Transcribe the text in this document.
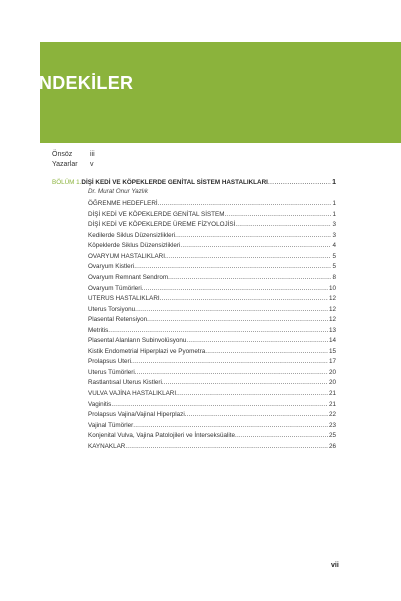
İÇİNDEKİLER
Önsöz	iii
Yazarlar	v
BÖLÜM 1. DİŞİ KEDİ VE KÖPEKLERDE GENİTAL SİSTEM HASTALIKLARI .....	1
Dr. Murat Onur Yazlık
ÖĞRENME HEDEFLERİ .....	1
DİŞİ KEDİ VE KÖPEKLERDE GENİTAL SİSTEM .....	1
DİŞİ KEDİ VE KÖPEKLERDE ÜREME FİZYOLOJİSİ .....	3
Kedilerde Siklus Düzensizlikleri .....	3
Köpeklerde Siklus Düzensizlikleri .....	4
OVARYUM HASTALIKLARI .....	5
Ovaryum Kistleri .....	5
Ovaryum Remnant Sendrom .....	8
Ovaryum Tümörleri .....	10
UTERUS HASTALIKLARI .....	12
Uterus Torsiyonu .....	12
Plasental Retensiyon .....	12
Metritis .....	13
Plasental Alanların Subinvolüsyonu .....	14
Kistik Endometrial Hiperplazi ve Pyometra .....	15
Prolapsus Uteri .....	17
Uterus Tümörleri .....	20
Rastlantısal Uterus Kistleri .....	20
VULVA VAJİNA HASTALIKLARI .....	21
Vaginitis .....	21
Prolapsus Vajina/Vajinal Hiperplazi .....	22
Vajinal Tümörler .....	23
Konjenital Vulva, Vajina Patolojileri ve İnterseksüalite .....	25
KAYNAKLAR .....	26
vii
